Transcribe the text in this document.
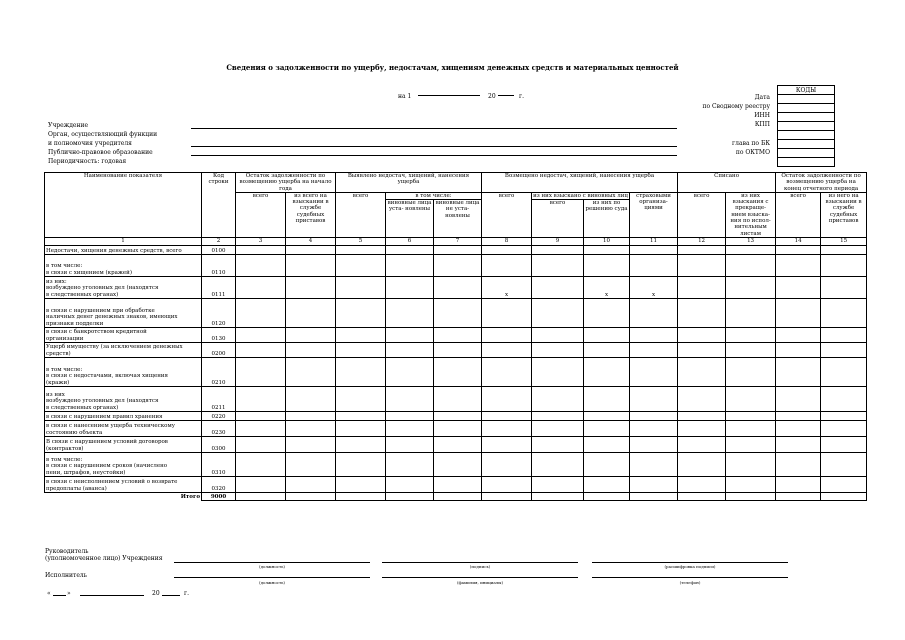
Сведения о задолженности по ущербу, недостачам, хищениям денежных средств и материальных ценностей
на 1	20	г.
КОДЫ

Дата
по Сводному реестру
ИНН
КПП
глава по БК
по ОКТМО
Учреждение
Орган, осуществляющий функции
и полномочия учредителя
Публично-правовое образование
Периодичность: годовая
Наименование показателя	Код строки	Остаток задолженности по возмещению ущерба на начало года		Выявлено недостач, хищений, нанесения ущерба			Возмещено недостач, хищений, нанесения ущерба				Списано		Остаток задолженности по возмещению ущерба на конец отчетного периода	
		всего	из всего на взыскании в службе судебных приставов	всего	в том числе:		всего	из них взыскано с виновных лиц		страховыми организа- циями	всего	из них взыскания с прекраще- нием взыска- ния по испол- нительным листам	всего	из него на взыскании в службе судебных приставов
					виновные лица уста- новлены	виновные лица не уста- новлены		всего	из них по решению суда					

1	2	3	4	5	6	7	8	9	10	11	12	13	14	15
Недостачи, хищения денежных средств, всего	0100													
в том числе:
в связи с хищением (кражей)	0110													
из них:
возбуждено уголовных дел (находятся
в следственных органах)	0111						х		х	х				
в связи с нарушением при обработке
наличных денег денежных знаков, имеющих
признаки подделки	0120													
в связи с банкротством кредитной
организации	0130													
Ущерб имуществу (за исключением денежных
средств)	0200													
в том числе:
в связи с недостачами, включая хищения
(кражи)	0210													
из них
возбуждено уголовных дел (находятся
в следственных органах)	0211													
в связи с нарушением правил хранения	0220													
в связи с нанесением ущерба техническому
состоянию объекта	0230													
В связи с нарушением условий договоров
(контрактов)	0300													
в том числе:
в связи с нарушением сроков (начислено
пени, штрафов, неустойки)	0310													
в связи с неисполнением условий о возврате
предоплаты (аванса)	0320													
Итого	9000													
Руководитель
(уполномоченное лицо) Учреждения
(должность)	(подпись)	(расшифровка подписи)
Исполнитель
(должность)	(фамилия, инициалы)	(телефон)
«	»	20	г.
